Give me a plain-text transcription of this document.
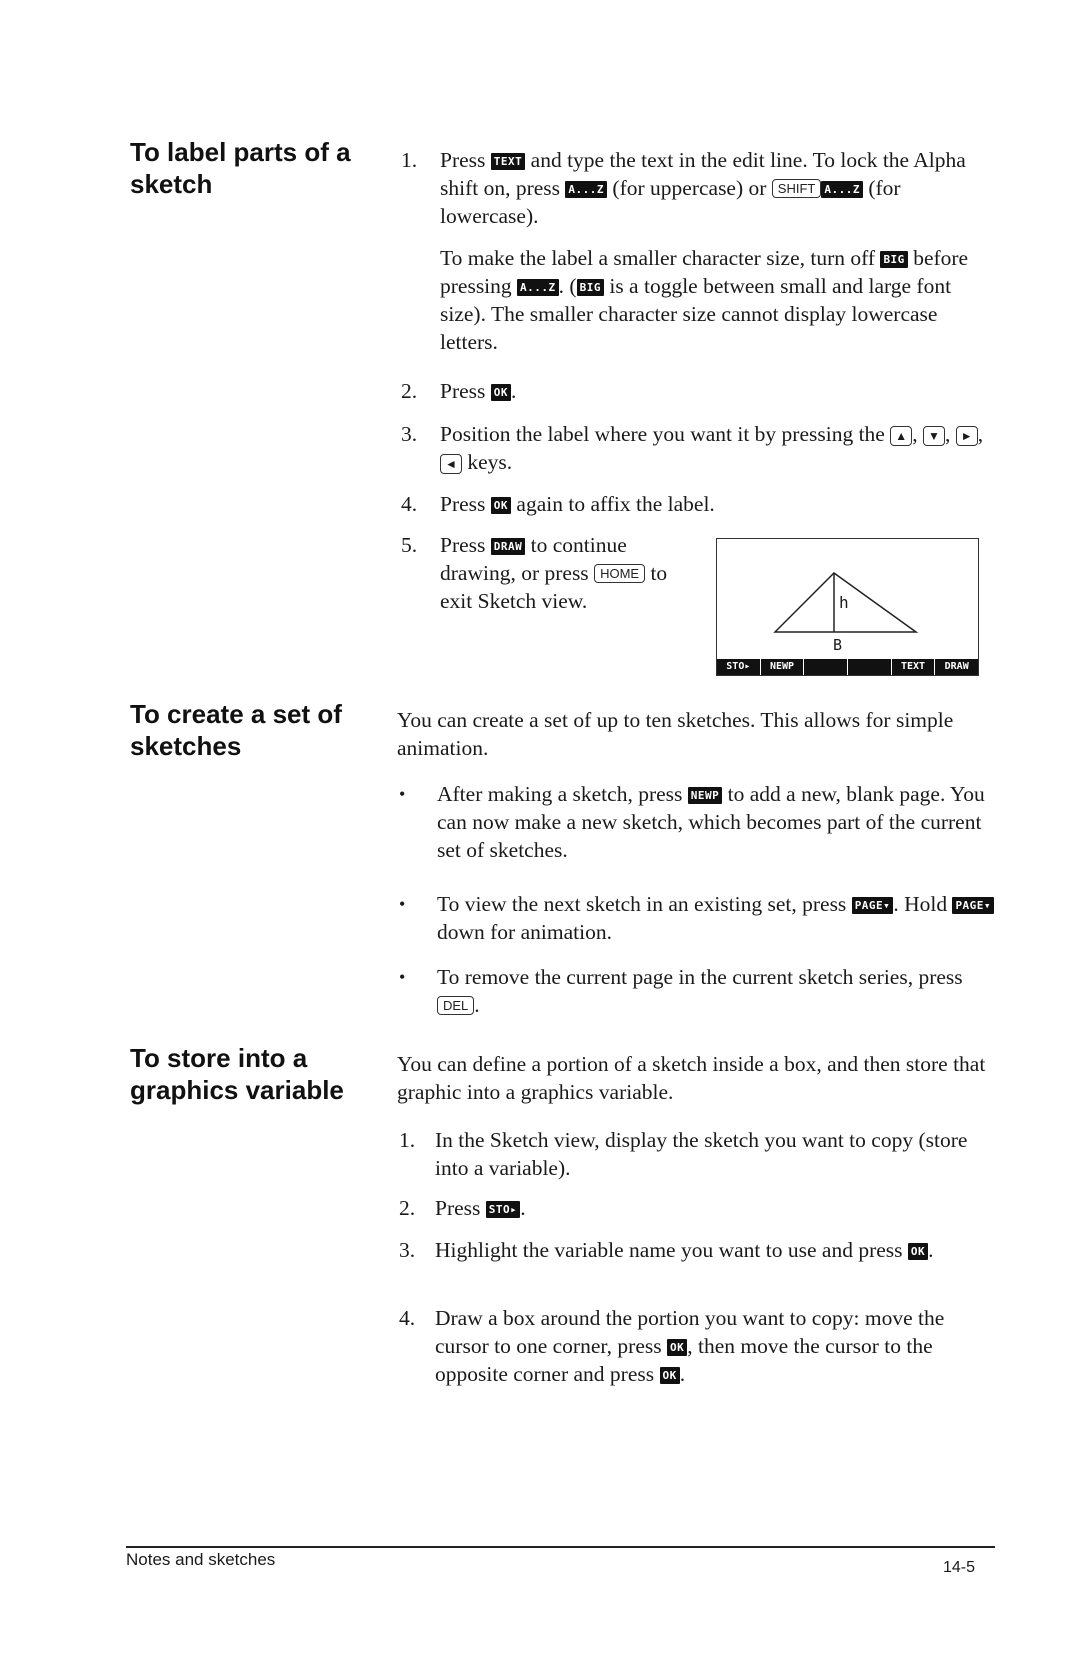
To label parts of a sketch
1. Press TEXT and type the text in the edit line. To lock the Alpha shift on, press A...Z (for uppercase) or SHIFT A...Z (for lowercase).
To make the label a smaller character size, turn off BIG before pressing A...Z . ( BIG is a toggle between small and large font size). The smaller character size cannot display lowercase letters.
2. Press OK .
3. Position the label where you want it by pressing the ▲ , ▼ , ► , ◄ keys.
4. Press OK again to affix the label.
5. Press DRAW to continue drawing, or press HOME to exit Sketch view.	h
B
STO▸	NEWP	TEXT	DRAW
To create a set of sketches
You can create a set of up to ten sketches. This allows for simple animation.
• After making a sketch, press NEWP to add a new, blank page. You can now make a new sketch, which becomes part of the current set of sketches.
• To view the next sketch in an existing set, press PAGE▾ . Hold PAGE▾ down for animation.
• To remove the current page in the current sketch series, press DEL .
To store into a graphics variable
You can define a portion of a sketch inside a box, and then store that graphic into a graphics variable.
1. In the Sketch view, display the sketch you want to copy (store into a variable).
2. Press STO▸ .
3. Highlight the variable name you want to use and press OK .
4. Draw a box around the portion you want to copy: move the cursor to one corner, press OK , then move the cursor to the opposite corner and press OK .
Notes and sketches	14-5
